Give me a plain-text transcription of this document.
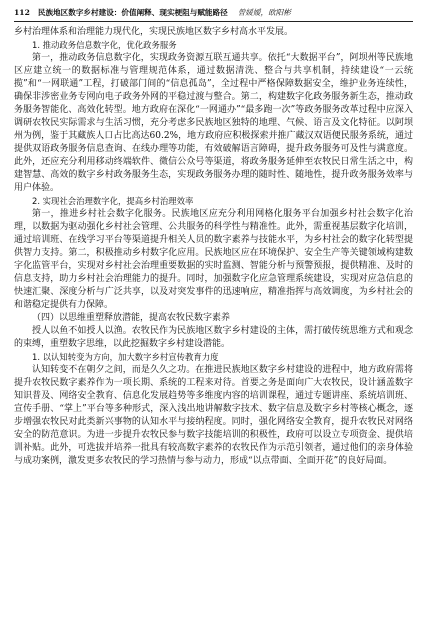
112 民族地区数字乡村建设：价值阐释、现实梗阻与赋能路径 曾媛嫒，欧阳彬

乡村治理体系和治理能力现代化，实现民族地区数字乡村高水平发展。

1. 推动政务信息数字化，优化政务服务

第一，推动政务信息数字化，实现政务资源互联互通共享。依托“大数据平台”，阿坝州等民族地区应建立统一的数据标准与管理规范体系，通过数据清洗、整合与共享机制，持续建设“一云统揽”和“一网联通”工程，打破部门间的“信息孤岛”，全过程中严格保障数据安全，维护业务连续性，确保非涉密业务专网向电子政务外网的平稳过渡与整合。第二，构建数字化政务服务新生态，推动政务服务智能化、高效化转型。地方政府在深化“一网通办”“最多跑一次”等政务服务改革过程中应深入调研农牧民实际需求与生活习惯，充分考虑多民族地区独特的地理、气候、语言及文化特征。以阿坝州为例，鉴于其藏族人口占比高达60.2%，地方政府应积极探索并推广藏汉双语便民服务系统，通过提供双语政务服务信息查询、在线办理等功能，有效破解语言障碍，提升政务服务可及性与满意度。此外，还应充分利用移动终端软件、微信公众号等渠道，将政务服务延伸至农牧民日常生活之中，构建智慧、高效的数字乡村政务服务生态，实现政务服务办理的随时性、随地性，提升政务服务效率与用户体验。

2. 实现社会治理数字化，提高乡村治理效率

第一，推进乡村社会数字化服务。民族地区应充分利用网格化服务平台加强乡村社会数字化治理，以数据为驱动强化乡村社会管理、公共服务的科学性与精准性。此外，需重视基层数字化培训，通过培训班、在线学习平台等渠道提升相关人员的数字素养与技能水平，为乡村社会的数字化转型提供智力支持。第二，积极推动乡村数字化应用。民族地区应在环境保护、安全生产等关键领域构建数字化监管平台，实现对乡村社会治理重要数据的实时监测、智能分析与预警预报，提供精准、及时的信息支持，助力乡村社会治理能力的提升。同时，加强数字化应急管理系统建设，实现对应急信息的快速汇聚、深度分析与广泛共享，以及对突发事件的迅速响应，精准指挥与高效调度，为乡村社会的和谐稳定提供有力保障。

（四）以思维重塑释放潜能，提高农牧民数字素养

授人以鱼不如授人以渔。农牧民作为民族地区数字乡村建设的主体，需打破传统思维方式和观念的束缚，重塑数字思维，以此挖掘数字乡村建设潜能。

1. 以认知转变为方向，加大数字乡村宣传教育力度

认知转变不在朝夕之间，而是久久之功。在推进民族地区数字乡村建设的进程中，地方政府需将提升农牧民数字素养作为一项长期、系统的工程来对待。首要之务是面向广大农牧民，设计涵盖数字知识普及、网络安全教育、信息化发展趋势等多维度内容的培训课程，通过专题讲座、系统培训班、宣传手册、“掌上”平台等多种形式，深入浅出地讲解数字技术、数字信息及数字乡村等核心概念，逐步增强农牧民对此类新兴事物的认知水平与接纳程度。同时，强化网络安全教育，提升农牧民对网络安全的防范意识。为进一步提升农牧民参与数字技能培训的积极性，政府可以设立专项资金、提供培训补贴。此外，可选拔并培养一批具有较高数字素养的农牧民作为示范引领者，通过他们的亲身体验与成功案例，激发更多农牧民的学习热情与参与动力，形成“以点带面、全面开花”的良好局面。
